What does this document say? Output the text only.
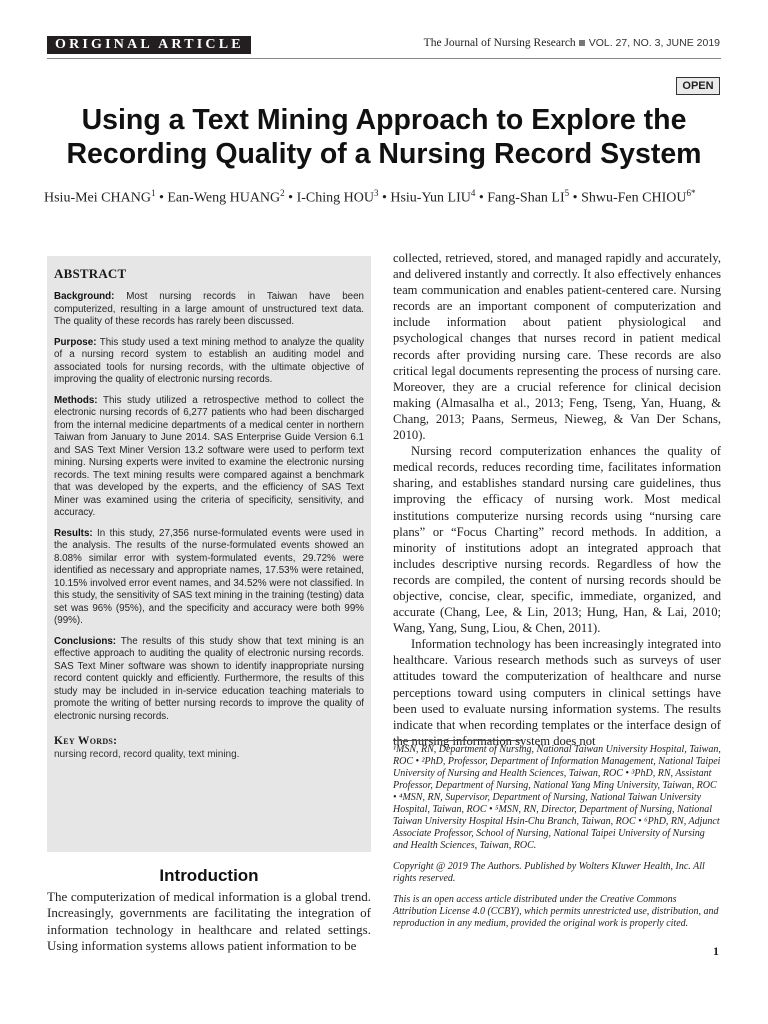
ORIGINAL ARTICLE	The Journal of Nursing Research VOL. 27, NO. 3, JUNE 2019
OPEN
Using a Text Mining Approach to Explore the Recording Quality of a Nursing Record System
Hsiu-Mei CHANG$^1$ • Ean-Weng HUANG$^2$ • I-Ching HOU$^3$ • Hsiu-Yun LIU$^4$ • Fang-Shan $LI^5$ • Shwu-Fen $CHIOU^{6*}$
ABSTRACT

Background: Most nursing records in Taiwan have been computerized, resulting in a large amount of unstructured text data. The quality of these records has rarely been discussed.

Purpose: This study used a text mining method to analyze the quality of a nursing record system to establish an auditing model and associated tools for nursing records, with the ultimate objective of improving the quality of electronic nursing records.

Methods: This study utilized a retrospective method to collect the electronic nursing records of 6,277 patients who had been discharged from the internal medicine departments of a medical center in northern Taiwan from January to June 2014. SAS Enterprise Guide Version 6.1 and SAS Text Miner Version 13.2 software were used to perform text mining. Nursing experts were invited to examine the electronic nursing records. The text mining results were compared against a benchmark that was developed by the experts, and the efficiency of SAS Text Miner was examined using the criteria of specificity, sensitivity, and accuracy.

Results: In this study, 27,356 nurse-formulated events were used in the analysis. The results of the nurse-formulated events showed an 8.08% similar error with system-formulated events, 29.72% were identified as necessary and appropriate names, 17.53% were retained, 10.15% involved error event names, and 34.52% were not classified. In this study, the sensitivity of SAS text mining in the training (testing) data set was 96% (95%), and the specificity and accuracy were both 99% (99%).

Conclusions: The results of this study show that text mining is an effective approach to auditing the quality of electronic nursing records. SAS Text Miner software was shown to identify inappropriate nursing record content quickly and efficiently. Furthermore, the results of this study may be included in in-service education teaching materials to promote the writing of better nursing records to improve the quality of electronic nursing records.

Key Words:

nursing record, record quality, text mining.

Introduction

The computerization of medical information is a global trend. Increasingly, governments are facilitating the integration of information technology in healthcare and related settings. Using information systems allows patient information to be

collected, retrieved, stored, and managed rapidly and accurately, and delivered instantly and correctly. It also effectively enhances team communication and enables patient-centered care. Nursing records are an important component of computerization and include information about patient physiological and psychological changes that nurses record in patient medical records after providing nursing care. These records are also critical legal documents representing the process of nursing care. Moreover, they are a crucial reference for clinical decision making (Almasalha et al., 2013; Feng, Tseng, Yan, Huang, & Chang, 2013; Paans, Sermeus, Nieweg, & Van Der Schans, 2010).

Nursing record computerization enhances the quality of medical records, reduces recording time, facilitates information sharing, and establishes standard nursing care guidelines, thus improving the efficacy of nursing work. Most medical institutions computerize nursing records using “nursing care plans” or “Focus Charting” record methods. In addition, a minority of institutions adopt an integrated approach that includes descriptive nursing records. Regardless of how the records are compiled, the content of nursing records should be objective, concise, clear, specific, immediate, organized, and accurate (Chang, Lee, & Lin, 2013; Hung, Han, & Lai, 2010; Wang, Yang, Sung, Liou, & Chen, 2011).

Information technology has been increasingly integrated into healthcare. Various research methods such as surveys of user attitudes toward the computerization of healthcare and nurse perceptions toward using computers in clinical settings have been used to evaluate nursing information systems. The results indicate that when recording templates or the interface design of the nursing information system does not

¹MSN, RN, Department of Nursing, National Taiwan University Hospital, Taiwan, ROC • ²PhD, Professor, Department of Information Management, National Taipei University of Nursing and Health Sciences, Taiwan, ROC • ³PhD, RN, Assistant Professor, Department of Nursing, National Yang Ming University, Taiwan, ROC • ⁴MSN, RN, Supervisor, Department of Nursing, National Taiwan University Hospital, Taiwan, ROC • ⁵MSN, RN, Director, Department of Nursing, National Taiwan University Hospital Hsin-Chu Branch, Taiwan, ROC • ⁶PhD, RN, Adjunct Associate Professor, School of Nursing, National Taipei University of Nursing and Health Sciences, Taiwan, ROC.

Copyright @ 2019 The Authors. Published by Wolters Kluwer Health, Inc. All rights reserved.

This is an open access article distributed under the Creative Commons Attribution License 4.0 (CCBY), which permits unrestricted use, distribution, and reproduction in any medium, provided the original work is properly cited.

1
